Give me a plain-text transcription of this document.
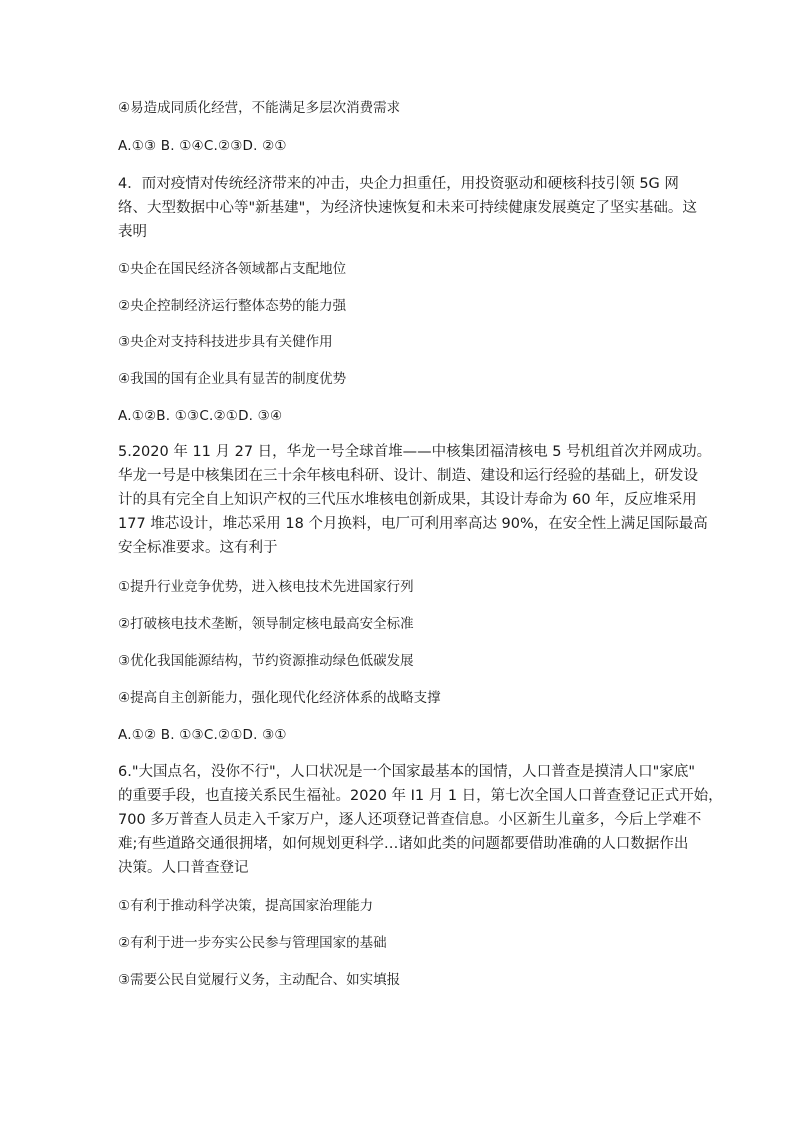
④易造成同质化经营，不能满足多层次消费需求
A.①③ B. ①④C.②③D. ②①
4．而对疫情对传统经济带来的冲击，央企力担重任，用投资驱动和硬核科技引领 5G 网
络、大型数据中心等"新基建"，为经济快速恢复和未来可持续健康发展奠定了坚实基础。这
表明
①央企在国民经济各领域都占支配地位
②央企控制经济运行整体态势的能力强
③央企对支持科技进步具有关健作用
④我国的国有企业具有显苦的制度优势
A.①②B. ①③C.②①D. ③④
5.2020 年 11 月 27 日，华龙一号全球首堆——中核集团福清核电 5 号机组首次并网成功。
华龙一号是中核集团在三十余年核电科研、设计、制造、建设和运行经验的基础上，研发设
计的具有完全自上知识产权的三代压水堆核电创新成果，其设计寿命为 60 年，反应堆采用
177 堆芯设计，堆芯采用 18 个月换料，电厂可利用率高达 90%，在安全性上满足国际最高
安全标准要求。这有利于
①提升行业竞争优势，进入核电技术先进国家行列
②打破核电技术垄断，领导制定核电最高安全标准
③优化我国能源结构，节约资源推动绿色低碳发展
④提高自主创新能力，强化现代化经济体系的战略支撑
A.①② B. ①③C.②①D. ③①
6."大国点名，没你不行"，人口状况是一个国家最基本的国情，人口普查是摸清人口"家底"
的重要手段，也直接关系民生福祉。2020 年 I1 月 1 日，第七次全国人口普查登记正式开始，
700 多万普查人员走入千家万户，逐人还项登记普查信息。小区新生儿童多，今后上学难不
难;有些道路交通很拥堵，如何规划更科学…诸如此类的问题都要借助准确的人口数据作出
决策。人口普查登记
①有利于推动科学决策，提高国家治理能力
②有利于进一步夯实公民参与管理国家的基础
③需要公民自觉履行义务，主动配合、如实填报
